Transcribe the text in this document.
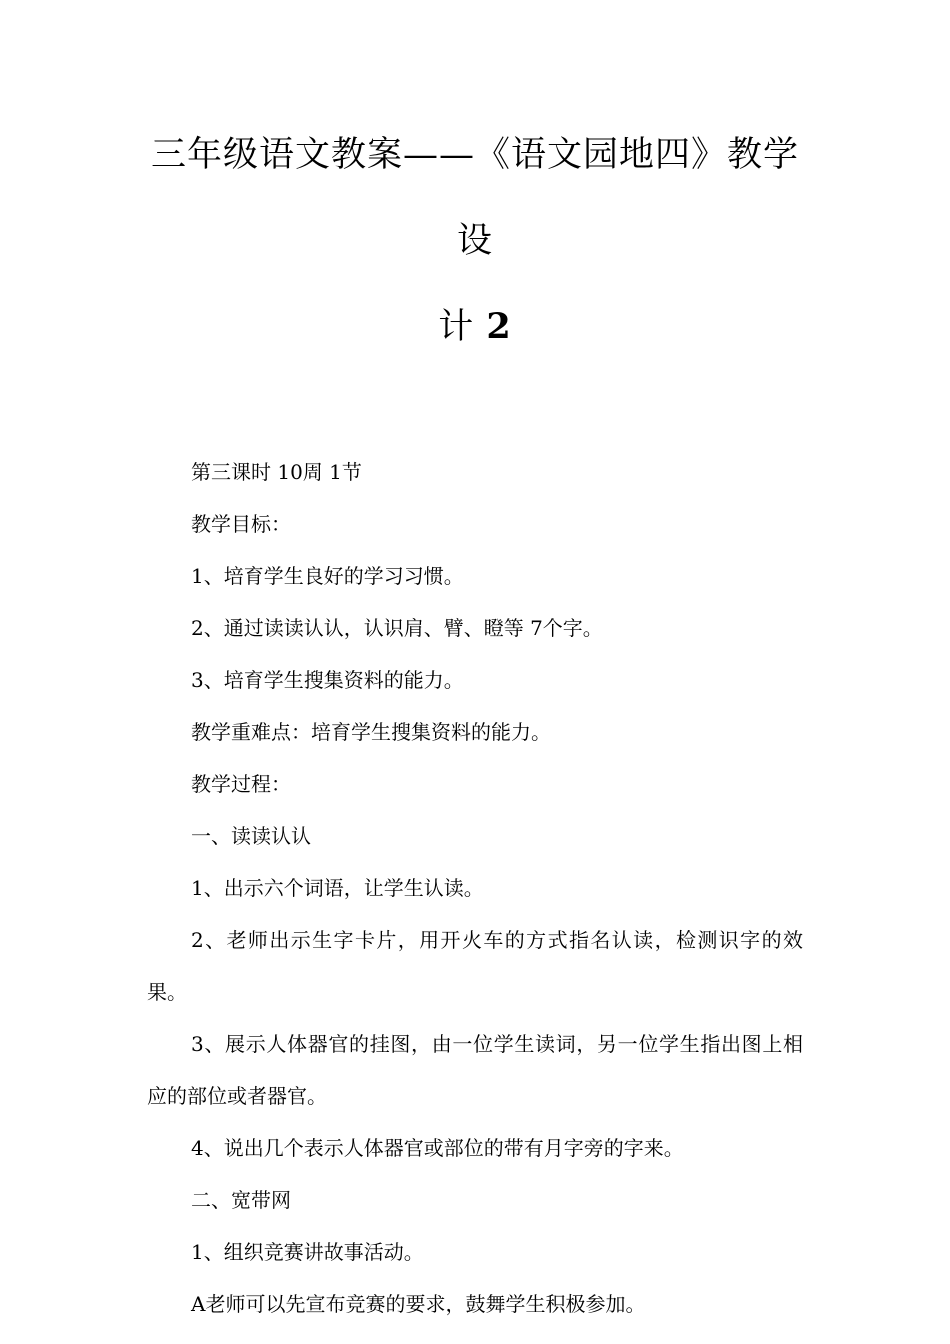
三年级语文教案——《语文园地四》教学设
计 2

第三课时 10周 1节

教学目标：

1、培育学生良好的学习习惯。

2、通过读读认认，认识肩、臂、瞪等 7个字。

3、培育学生搜集资料的能力。

教学重难点：培育学生搜集资料的能力。

教学过程：

一、读读认认

1、出示六个词语，让学生认读。

2、老师出示生字卡片，用开火车的方式指名认读，检测识字的效果。

3、展示人体器官的挂图，由一位学生读词，另一位学生指出图上相应的部位或者器官。

4、说出几个表示人体器官或部位的带有月字旁的字来。

二、宽带网

1、组织竞赛讲故事活动。

A老师可以先宣布竞赛的要求，鼓舞学生积极参加。
